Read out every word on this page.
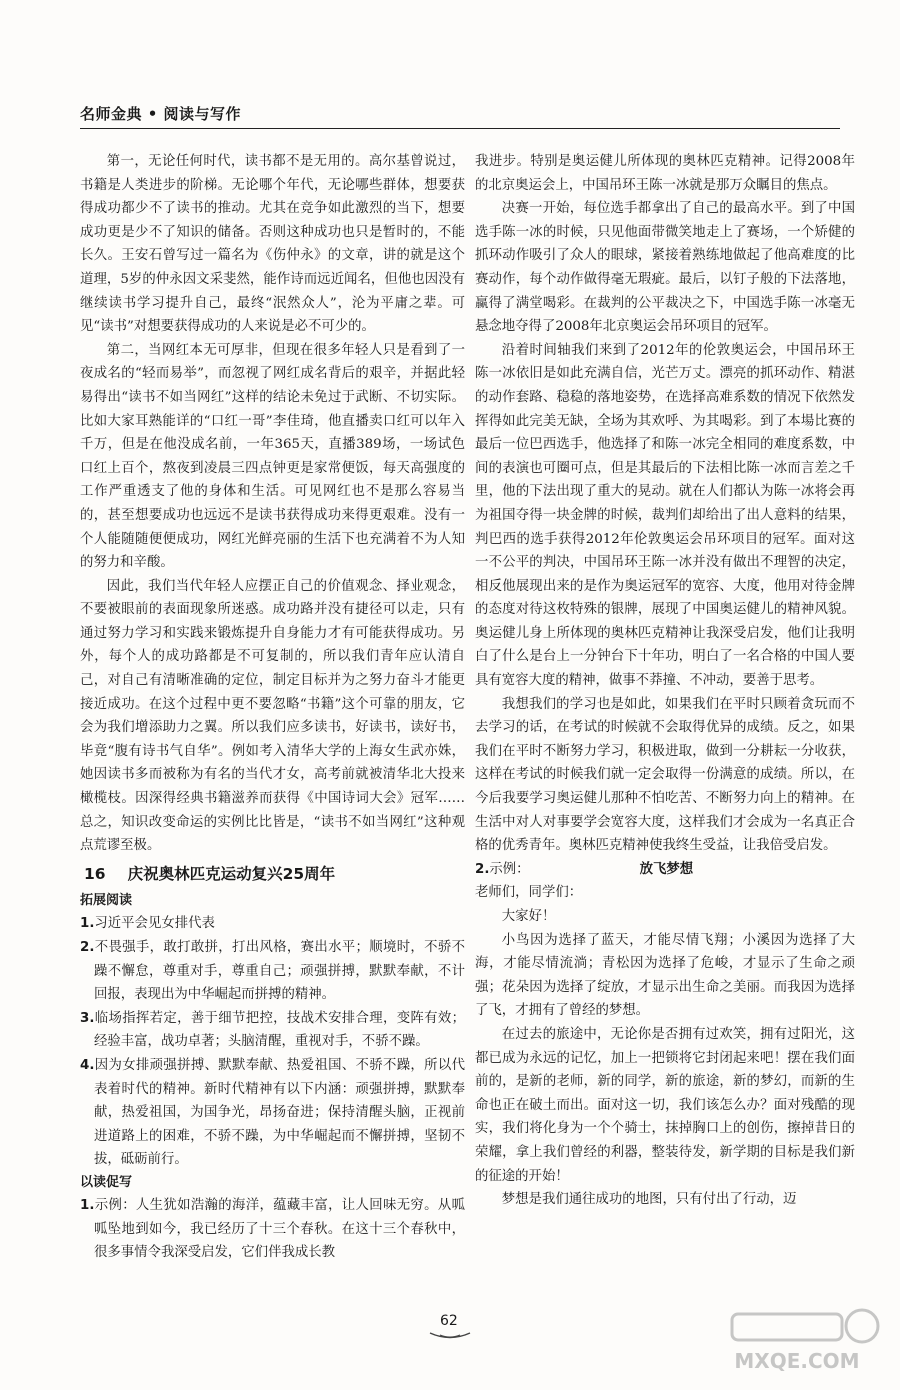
名师金典 • 阅读与写作

第一，无论任何时代，读书都不是无用的。高尔基曾说过，书籍是人类进步的阶梯。无论哪个年代，无论哪些群体，想要获得成功都少不了读书的推动。尤其在竞争如此激烈的当下，想要成功更是少不了知识的储备。否则这种成功也只是暂时的，不能长久。王安石曾写过一篇名为《伤仲永》的文章，讲的就是这个道理，5岁的仲永因文采斐然，能作诗而远近闻名，但他也因没有继续读书学习提升自己，最终“泯然众人”，沦为平庸之辈。可见“读书”对想要获得成功的人来说是必不可少的。

第二，当网红本无可厚非，但现在很多年轻人只是看到了一夜成名的“轻而易举”，而忽视了网红成名背后的艰辛，并据此轻易得出“读书不如当网红”这样的结论未免过于武断、不切实际。比如大家耳熟能详的“口红一哥”李佳琦，他直播卖口红可以年入千万，但是在他没成名前，一年365天，直播389场，一场试色口红上百个，熬夜到凌晨三四点钟更是家常便饭，每天高强度的工作严重透支了他的身体和生活。可见网红也不是那么容易当的，甚至想要成功也远远不是读书获得成功来得更艰难。没有一个人能随随便便成功，网红光鲜亮丽的生活下也充满着不为人知的努力和辛酸。

因此，我们当代年轻人应摆正自己的价值观念、择业观念，不要被眼前的表面现象所迷惑。成功路并没有捷径可以走，只有通过努力学习和实践来锻炼提升自身能力才有可能获得成功。另外，每个人的成功路都是不可复制的，所以我们青年应认清自己，对自己有清晰准确的定位，制定目标并为之努力奋斗才能更接近成功。在这个过程中更不要忽略“书籍”这个可靠的朋友，它会为我们增添助力之翼。所以我们应多读书，好读书，读好书，毕竟“腹有诗书气自华”。例如考入清华大学的上海女生武亦姝，她因读书多而被称为有名的当代才女，高考前就被清华北大投来橄榄枝。因深得经典书籍滋养而获得《中国诗词大会》冠军……总之，知识改变命运的实例比比皆是，“读书不如当网红”这种观点荒谬至极。

16 庆祝奥林匹克运动复兴25周年

拓展阅读

1.习近平会见女排代表

2.不畏强手，敢打敢拼，打出风格，赛出水平；顺境时，不骄不躁不懈怠，尊重对手，尊重自己；顽强拼搏，默默奉献，不计回报，表现出为中华崛起而拼搏的精神。

3.临场指挥若定，善于细节把控，技战术安排合理，变阵有效；经验丰富，战功卓著；头脑清醒，重视对手，不骄不躁。

4.因为女排顽强拼搏、默默奉献、热爱祖国、不骄不躁，所以代表着时代的精神。新时代精神有以下内涵：顽强拼搏，默默奉献，热爱祖国，为国争光，昂扬奋进；保持清醒头脑，正视前进道路上的困难，不骄不躁，为中华崛起而不懈拼搏，坚韧不拔，砥砺前行。

以读促写

1.示例：人生犹如浩瀚的海洋，蕴藏丰富，让人回味无穷。从呱呱坠地到如今，我已经历了十三个春秋。在这十三个春秋中，很多事情令我深受启发，它们伴我成长教

我进步。特别是奥运健儿所体现的奥林匹克精神。记得2008年的北京奥运会上，中国吊环王陈一冰就是那万众瞩目的焦点。

决赛一开始，每位选手都拿出了自己的最高水平。到了中国选手陈一冰的时候，只见他面带微笑地走上了赛场，一个矫健的抓环动作吸引了众人的眼球，紧接着熟练地做起了他高难度的比赛动作，每个动作做得毫无瑕疵。最后，以钉子般的下法落地，赢得了满堂喝彩。在裁判的公平裁决之下，中国选手陈一冰毫无悬念地夺得了2008年北京奥运会吊环项目的冠军。

沿着时间轴我们来到了2012年的伦敦奥运会，中国吊环王陈一冰依旧是如此充满自信，光芒万丈。漂亮的抓环动作、精湛的动作套路、稳稳的落地姿势，在选择高难系数的情况下依然发挥得如此完美无缺，全场为其欢呼、为其喝彩。到了本場比赛的最后一位巴西选手，他选择了和陈一冰完全相同的难度系数，中间的表演也可圈可点，但是其最后的下法相比陈一冰而言差之千里，他的下法出现了重大的晃动。就在人们都认为陈一冰将会再为祖国夺得一块金牌的时候，裁判们却给出了出人意料的结果，判巴西的选手获得2012年伦敦奥运会吊环项目的冠军。面对这一不公平的判决，中国吊环王陈一冰并没有做出不理智的决定，相反他展现出来的是作为奥运冠军的宽容、大度，他用对待金牌的态度对待这枚特殊的银牌，展现了中国奥运健儿的精神风貌。奥运健儿身上所体现的奥林匹克精神让我深受启发，他们让我明白了什么是台上一分钟台下十年功，明白了一名合格的中国人要具有宽容大度的精神，做事不莽撞、不冲动，要善于思考。

我想我们的学习也是如此，如果我们在平时只顾着贪玩而不去学习的话，在考试的时候就不会取得优异的成绩。反之，如果我们在平时不断努力学习，积极进取，做到一分耕耘一分收获，这样在考试的时候我们就一定会取得一份满意的成绩。所以，在今后我要学习奥运健儿那种不怕吃苦、不断努力向上的精神。在生活中对人对事要学会宽容大度，这样我们才会成为一名真正合格的优秀青年。奥林匹克精神使我终生受益，让我倍受启发。

2.示例：	放飞梦想

老师们，同学们：

大家好！

小鸟因为选择了蓝天，才能尽情飞翔；小溪因为选择了大海，才能尽情流淌；青松因为选择了危峻，才显示了生命之顽强；花朵因为选择了绽放，才显示出生命之美丽。而我因为选择了飞，才拥有了曾经的梦想。

在过去的旅途中，无论你是否拥有过欢笑，拥有过阳光，这都已成为永远的记忆，加上一把锁将它封闭起来吧！摆在我们面前的，是新的老师，新的同学，新的旅途，新的梦幻，而新的生命也正在破土而出。面对这一切，我们该怎么办？面对残酷的现实，我们将化身为一个个骑士，抹掉胸口上的创伤，擦掉昔日的荣耀，拿上我们曾经的利器，整装待发，新学期的目标是我们新的征途的开始！

梦想是我们通往成功的地图，只有付出了行动，迈

62
MXQE.COM
